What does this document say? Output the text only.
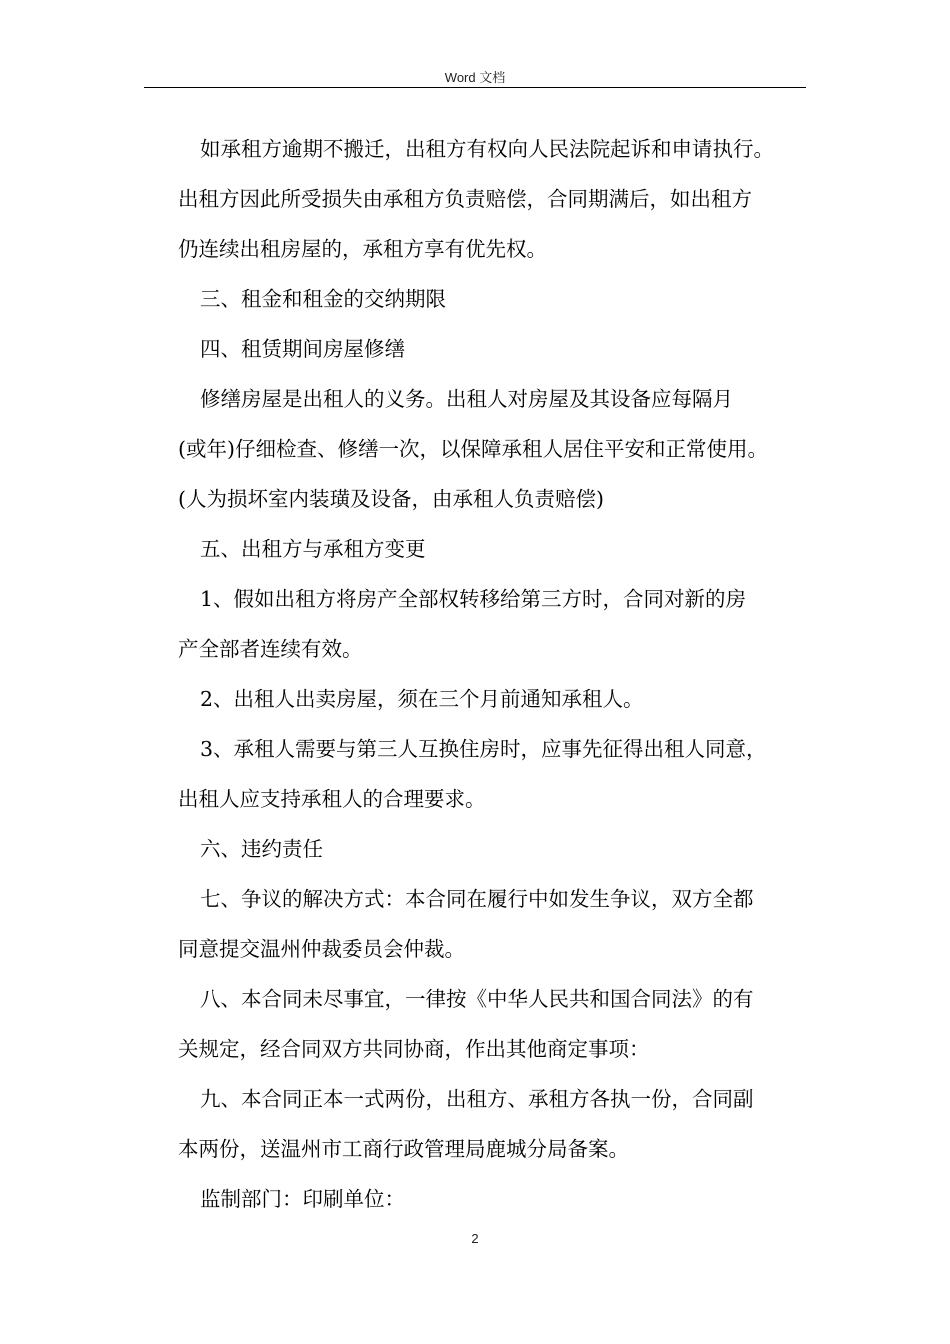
Word 文档
如承租方逾期不搬迁，出租方有权向人民法院起诉和申请执行。
出租方因此所受损失由承租方负责赔偿，合同期满后，如出租方
仍连续出租房屋的，承租方享有优先权。
三、租金和租金的交纳期限
四、租赁期间房屋修缮
修缮房屋是出租人的义务。出租人对房屋及其设备应每隔月
(或年)仔细检查、修缮一次，以保障承租人居住平安和正常使用。
(人为损坏室内装璜及设备，由承租人负责赔偿)
五、出租方与承租方变更
1、假如出租方将房产全部权转移给第三方时，合同对新的房
产全部者连续有效。
2、出租人出卖房屋，须在三个月前通知承租人。
3、承租人需要与第三人互换住房时，应事先征得出租人同意，
出租人应支持承租人的合理要求。
六、违约责任
七、争议的解决方式：本合同在履行中如发生争议，双方全都
同意提交温州仲裁委员会仲裁。
八、本合同未尽事宜，一律按《中华人民共和国合同法》的有
关规定，经合同双方共同协商，作出其他商定事项：
九、本合同正本一式两份，出租方、承租方各执一份，合同副
本两份，送温州市工商行政管理局鹿城分局备案。
监制部门：印刷单位：
2
